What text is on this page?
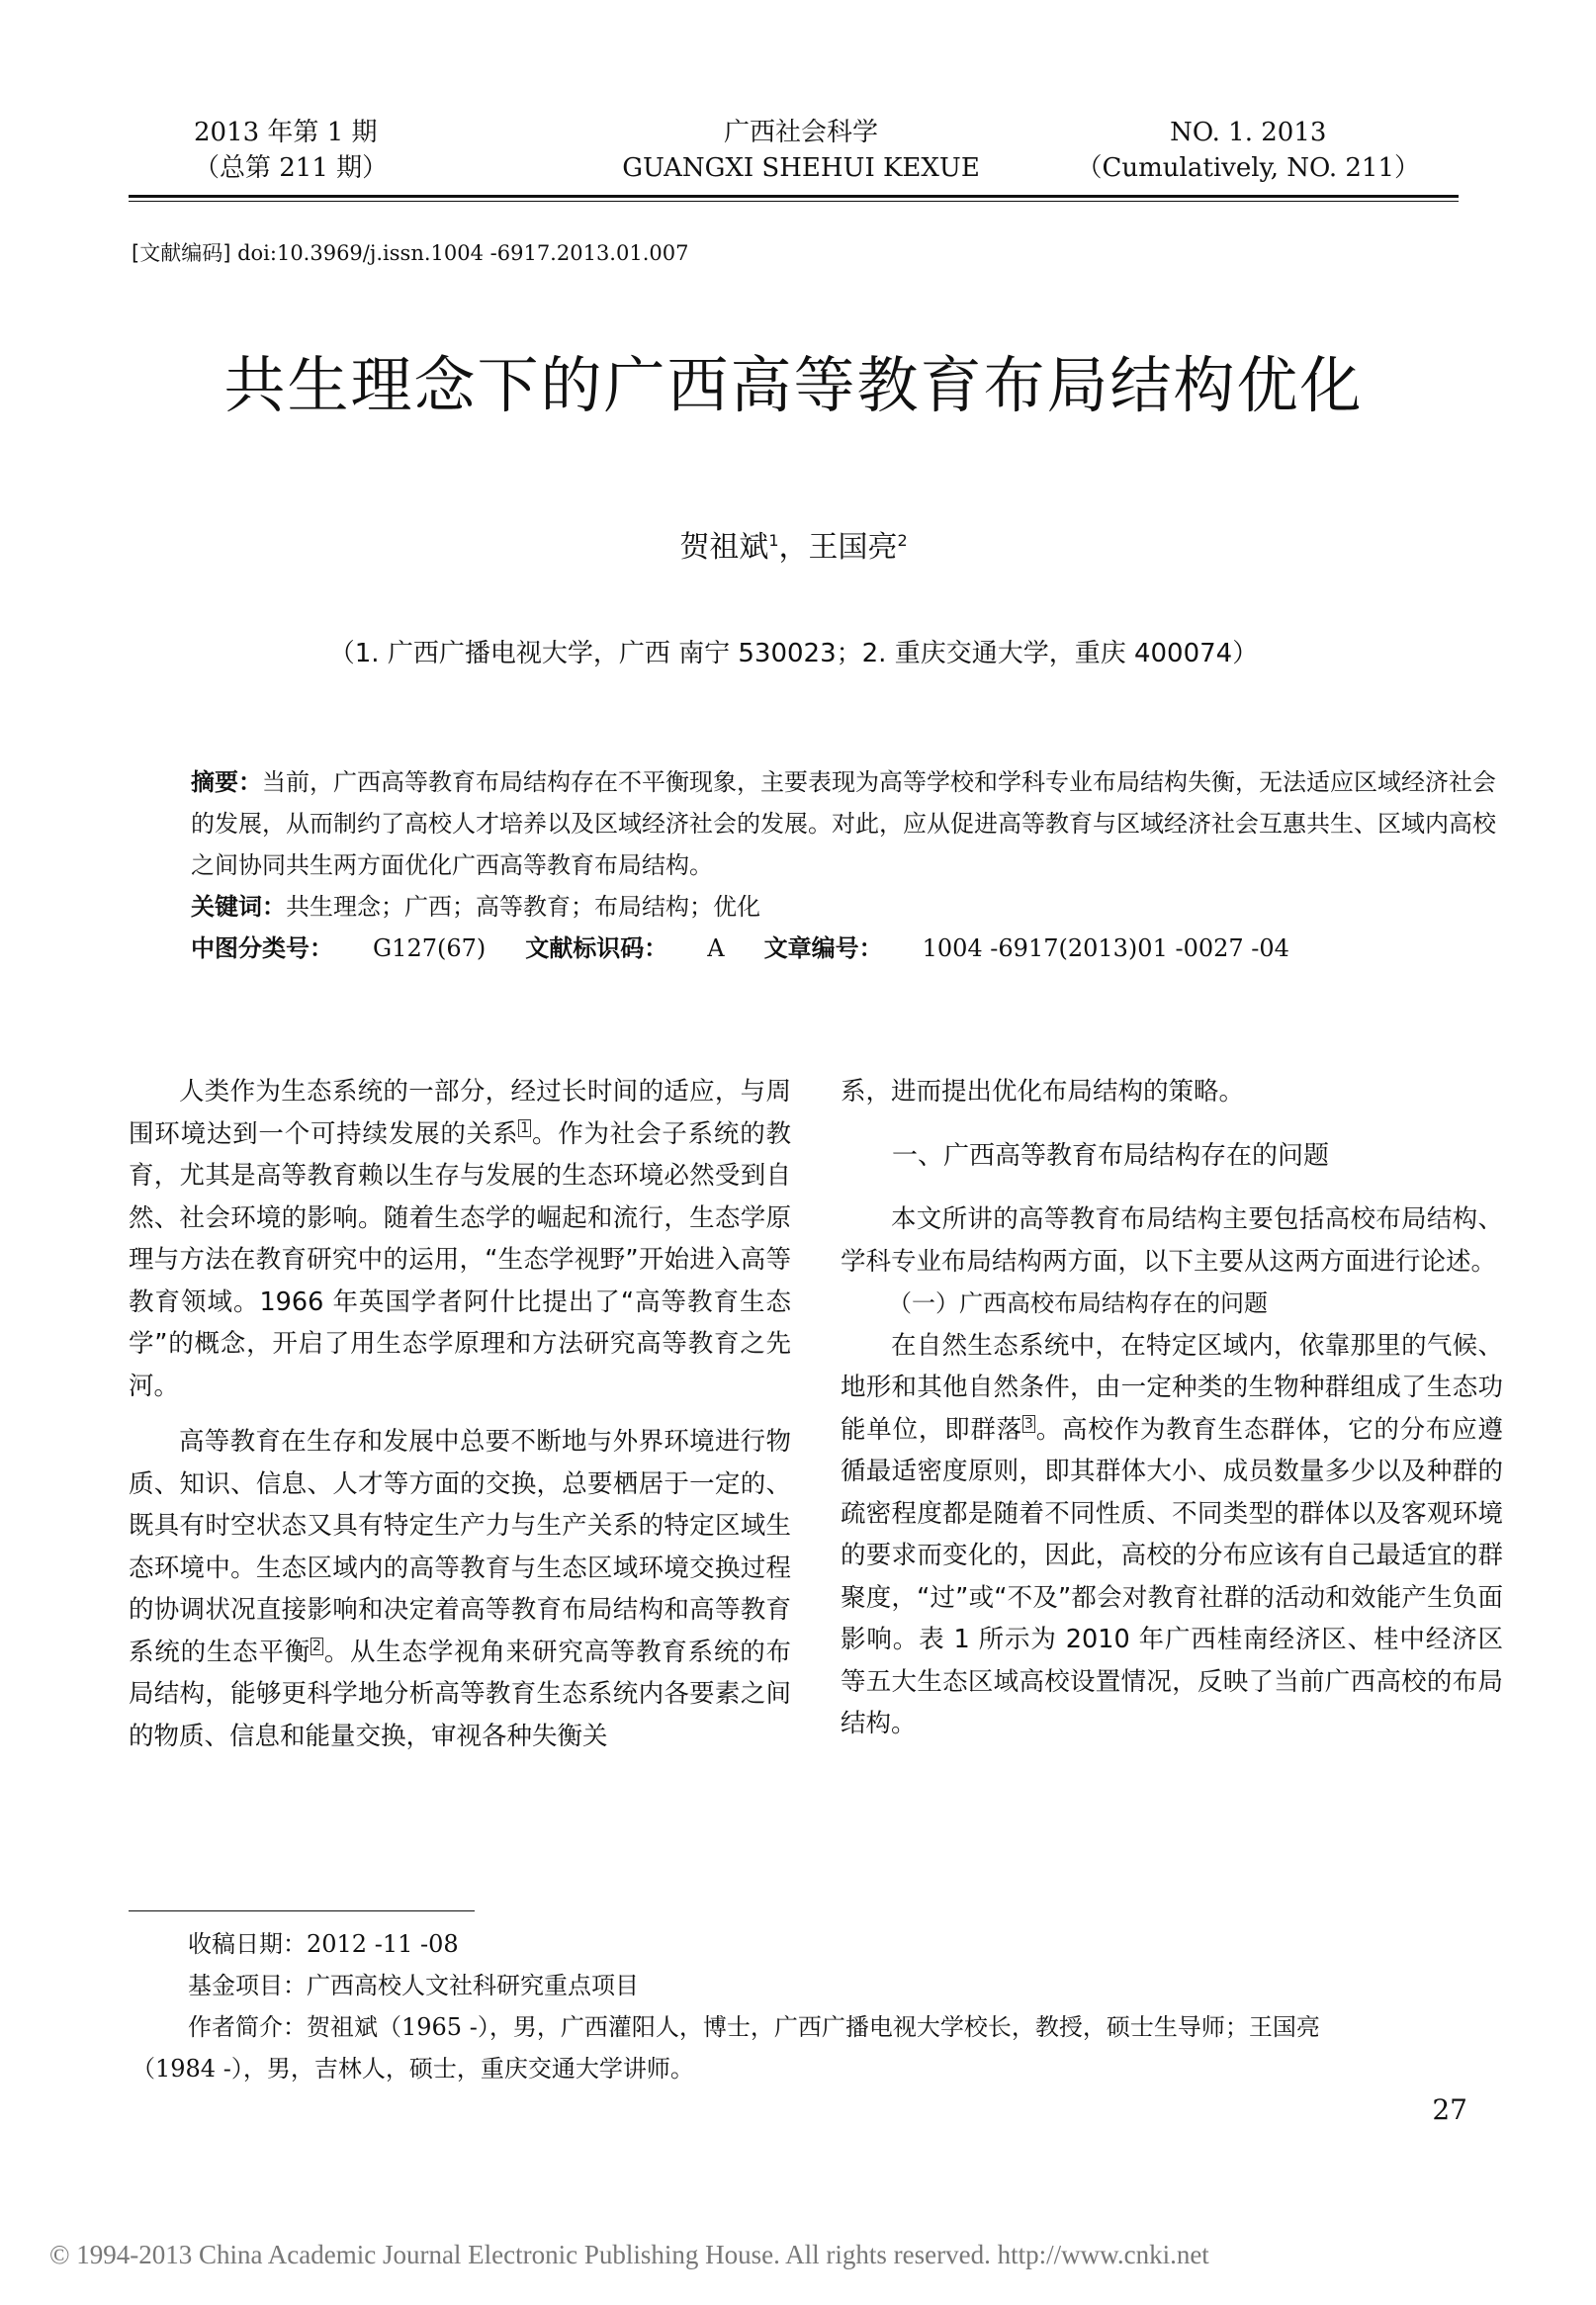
2013 年第 1 期
（总第 211 期）
广西社会科学
GUANGXI SHEHUI KEXUE
NO. 1. 2013
（Cumulatively, NO. 211）
[文献编码] doi:10.3969/j.issn.1004 -6917.2013.01.007
共生理念下的广西高等教育布局结构优化
贺祖斌$^1$，王国亮$^2$
（1. 广西广播电视大学，广西 南宁 530023；2. 重庆交通大学，重庆 400074）

摘要：当前，广西高等教育布局结构存在不平衡现象，主要表现为高等学校和学科专业布局结构失衡，无法适应区域经济社会的发展，从而制约了高校人才培养以及区域经济社会的发展。对此，应从促进高等教育与区域经济社会互惠共生、区域内高校之间协同共生两方面优化广西高等教育布局结构。

关键词：共生理念；广西；高等教育；布局结构；优化

中图分类号： G127(67) 文献标识码： A 文章编号： 1004 -6917(2013)01 -0027 -04

人类作为生态系统的一部分，经过长时间的适应，与周围环境达到一个可持续发展的关系 $^1$。作为社会子系统的教育，尤其是高等教育赖以生存与发展的生态环境必然受到自然、社会环境的影响。随着生态学的崛起和流行，生态学原理与方法在教育研究中的运用，“生态学视野”开始进入高等教育领域。1966 年英国学者阿什比提出了“高等教育生态学”的概念，开启了用生态学原理和方法研究高等教育之先河。

高等教育在生存和发展中总要不断地与外界环境进行物质、知识、信息、人才等方面的交换，总要栖居于一定的、既具有时空状态又具有特定生产力与生产关系的特定区域生态环境中。生态区域内的高等教育与生态区域环境交换过程的协调状况直接影响和决定着高等教育布局结构和高等教育系统的生态平衡 $^2$。从生态学视角来研究高等教育系统的布局结构，能够更科学地分析高等教育生态系统内各要素之间的物质、信息和能量交换，审视各种失衡关

系，进而提出优化布局结构的策略。

一、广西高等教育布局结构存在的问题

本文所讲的高等教育布局结构主要包括高校布局结构、学科专业布局结构两方面，以下主要从这两方面进行论述。

（一）广西高校布局结构存在的问题

在自然生态系统中，在特定区域内，依靠那里的气候、地形和其他自然条件，由一定种类的生物种群组成了生态功能单位，即群落 $^3$。高校作为教育生态群体，它的分布应遵循最适密度原则，即其群体大小、成员数量多少以及种群的疏密程度都是随着不同性质、不同类型的群体以及客观环境的要求而变化的，因此，高校的分布应该有自己最适宜的群聚度，“过”或“不及”都会对教育社群的活动和效能产生负面影响。表 1 所示为 2010 年广西桂南经济区、桂中经济区等五大生态区域高校设置情况，反映了当前广西高校的布局结构。

收稿日期：2012 -11 -08

基金项目：广西高校人文社科研究重点项目

作者简介：贺祖斌（1965 -），男，广西灌阳人，博士，广西广播电视大学校长，教授，硕士生导师；王国亮

（1984 -），男，吉林人，硕士，重庆交通大学讲师。

27
© 1994-2013 China Academic Journal Electronic Publishing House. All rights reserved. http://www.cnki.net
